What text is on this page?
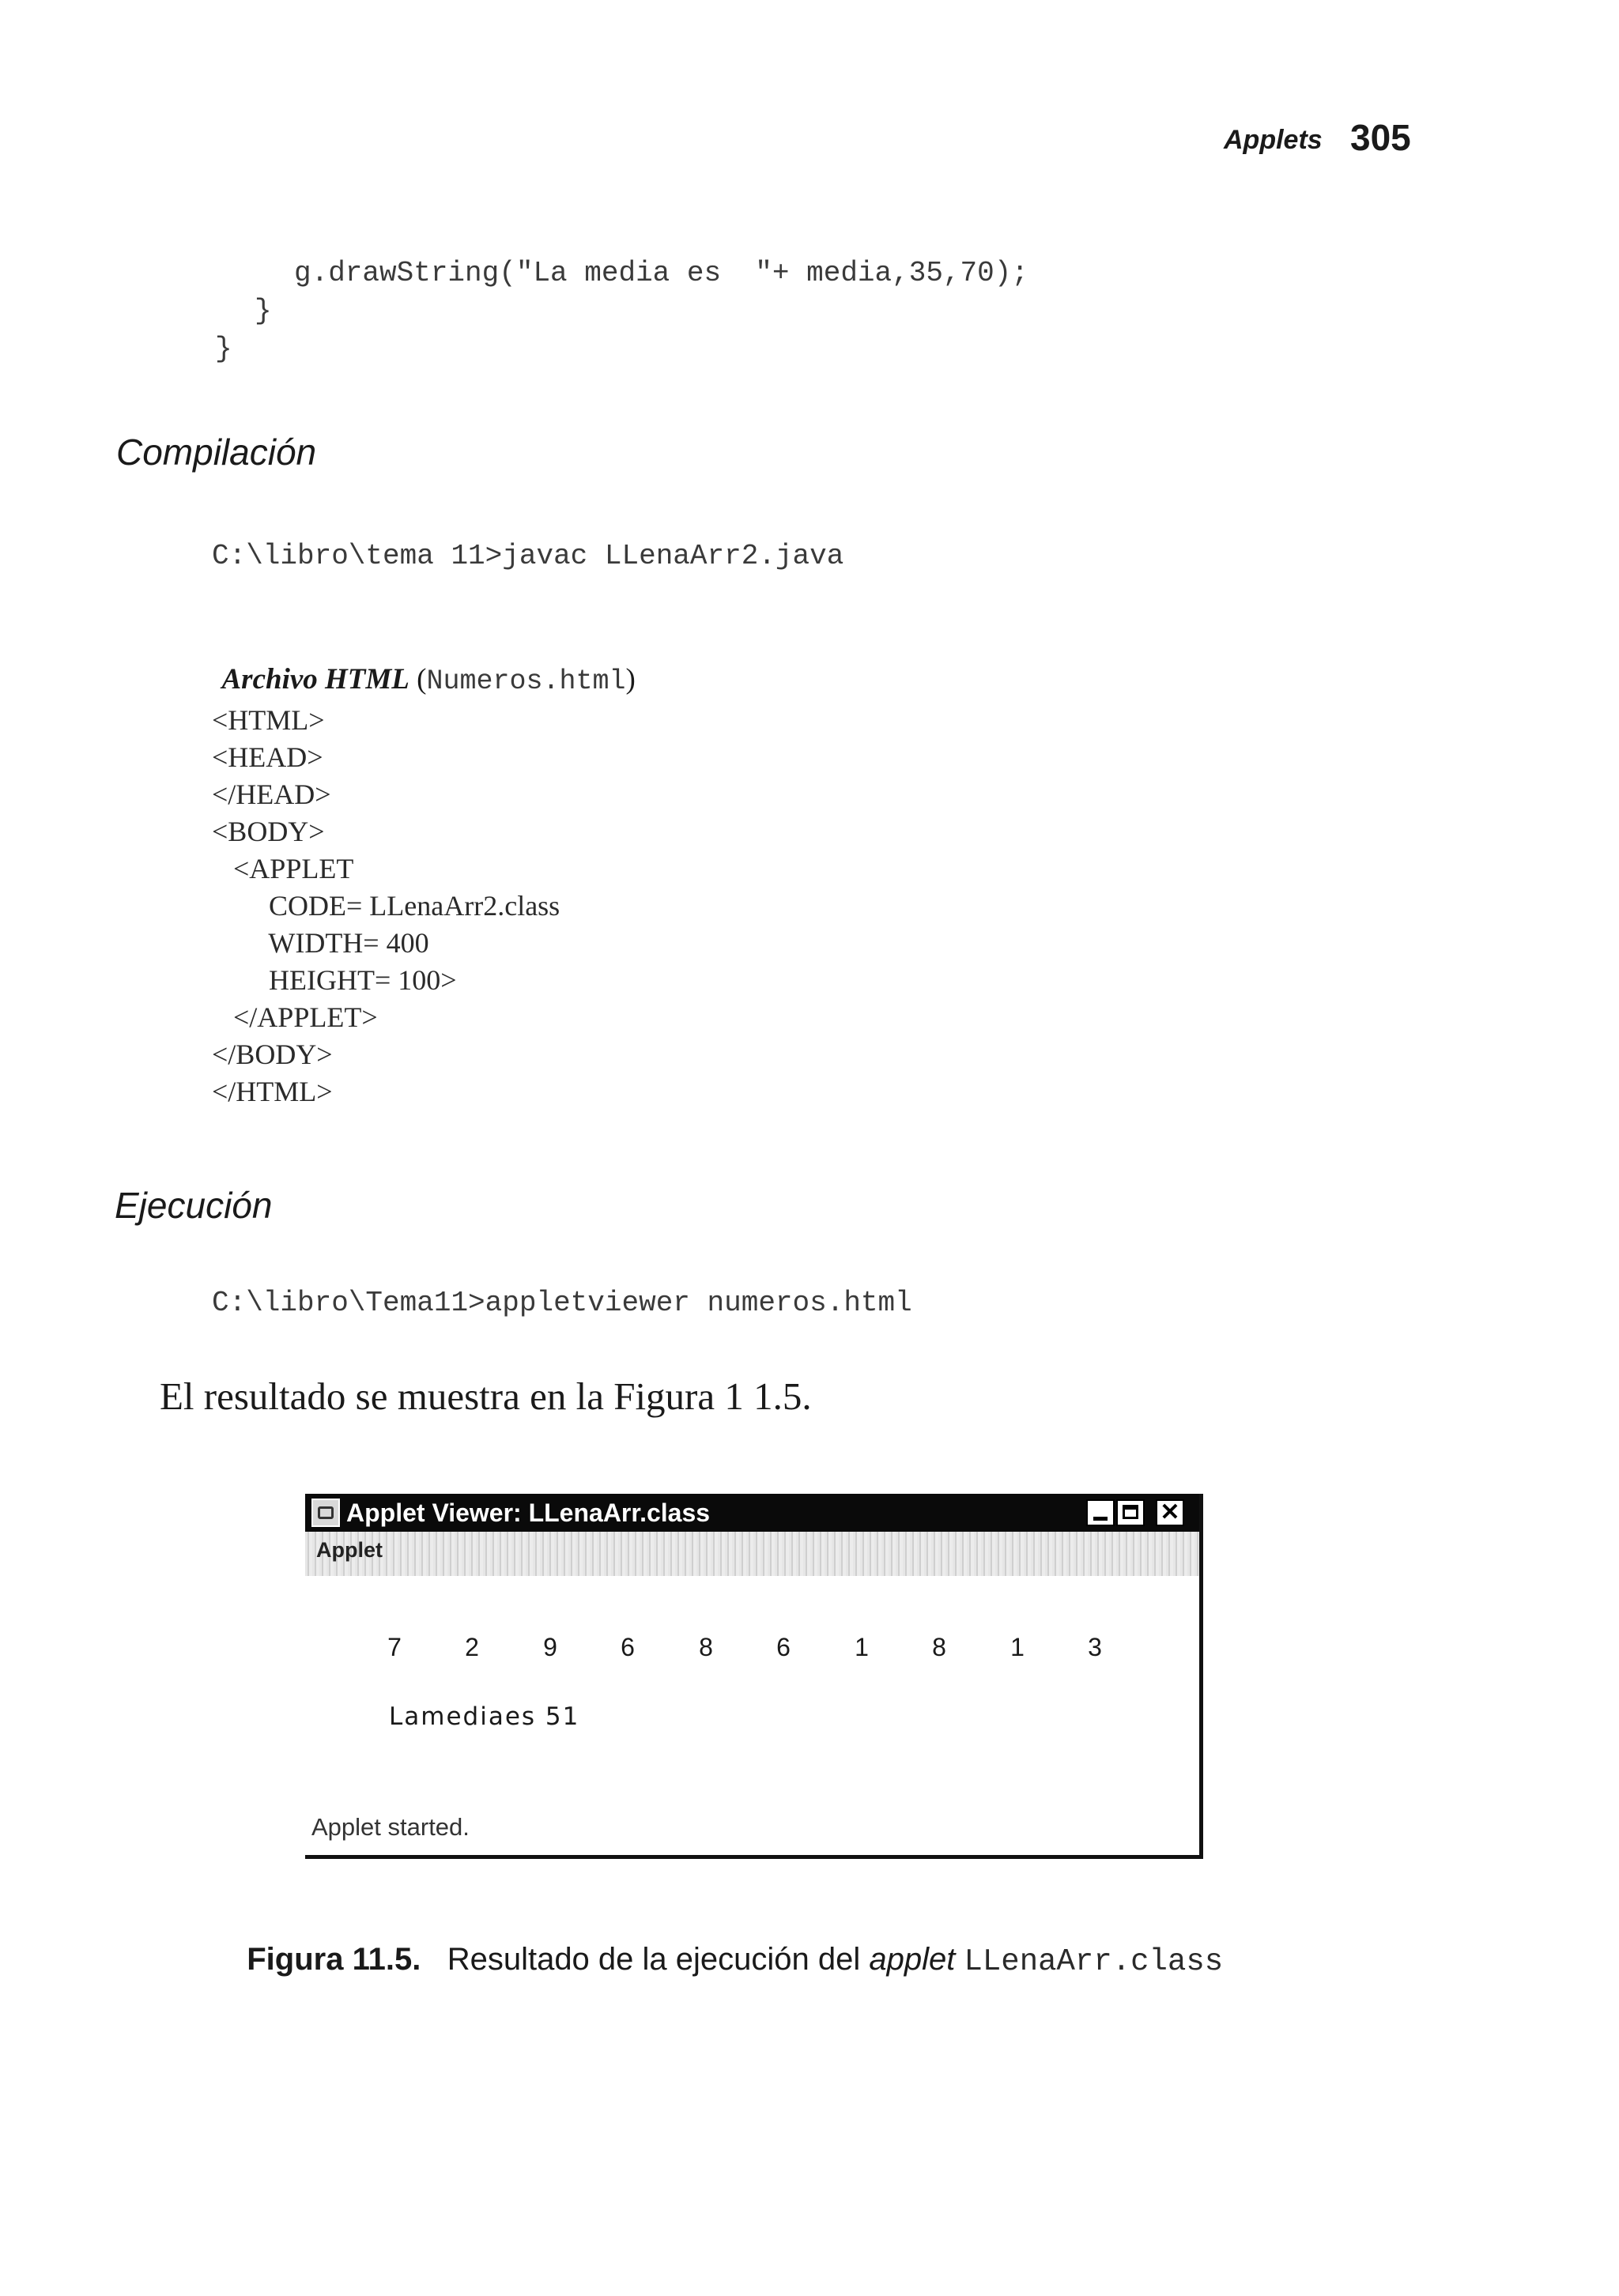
Applets 305
g.drawString("La media es  "+ media,35,70);
}
}
Compilación
C:\libro\tema 11>javac LLenaArr2.java

Archivo HTML (Numeros.html)

<HTML>
<HEAD>
</HEAD>
<BODY>
<APPLET
CODE= LLenaArr2.class
WIDTH= 400
HEIGHT= 100>
</APPLET>
</BODY>
</HTML>
Ejecución
C:\libro\Tema11>appletviewer numeros.html
El resultado se muestra en la Figura 1 1.5.
Applet Viewer: LLenaArr.class	✕
Applet
7	2	9	6	8	6	1	8	1	3
Lamediaes 51
Applet started.

Figura 11.5. Resultado de la ejecución del applet LLenaArr.class
